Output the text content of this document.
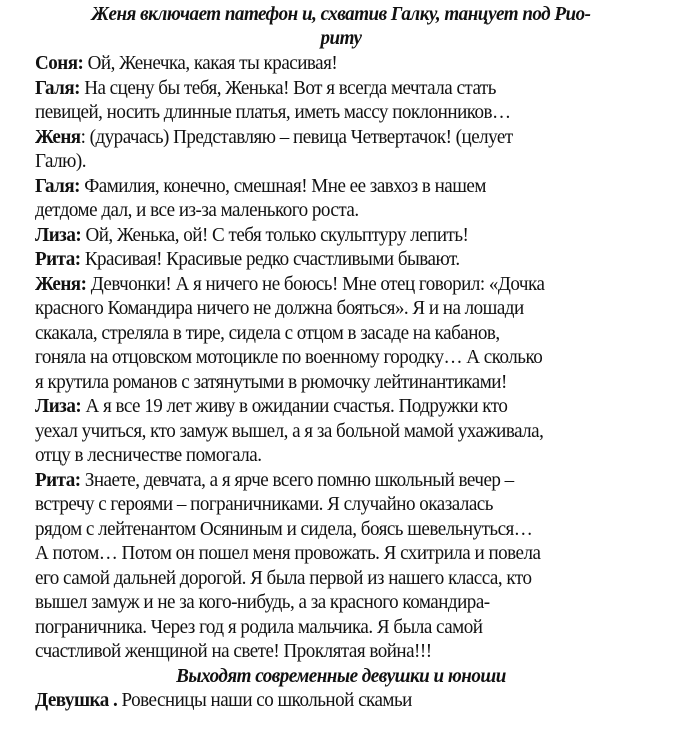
Женя включает патефон и, схватив Галку, танцует под Рио-
риту
Соня: Ой, Женечка, какая ты красивая!
Галя: На сцену бы тебя, Женька! Вот я всегда мечтала стать
певицей, носить длинные платья, иметь массу поклонников…
Женя: (дурачась) Представляю – певица Четвертачок! (целует
Галю).
Галя: Фамилия, конечно, смешная! Мне ее завхоз в нашем
детдоме дал, и все из-за маленького роста.
Лиза: Ой, Женька, ой! С тебя только скульптуру лепить!
Рита: Красивая! Красивые редко счастливыми бывают.
Женя: Девчонки! А я ничего не боюсь! Мне отец говорил: «Дочка
красного Командира ничего не должна бояться». Я и на лошади
скакала, стреляла в тире, сидела с отцом в засаде на кабанов,
гоняла на отцовском мотоцикле по военному городку… А сколько
я крутила романов с затянутыми в рюмочку лейтинантиками!
Лиза: А я все 19 лет живу в ожидании счастья. Подружки кто
уехал учиться, кто замуж вышел, а я за больной мамой ухаживала,
отцу в лесничестве помогала.
Рита: Знаете, девчата, а я ярче всего помню школьный вечер –
встречу с героями – пограничниками. Я случайно оказалась
рядом с лейтенантом Осяниным и сидела, боясь шевельнуться…
А потом… Потом он пошел меня провожать. Я схитрила и повела
его самой дальней дорогой. Я была первой из нашего класса, кто
вышел замуж и не за кого-нибудь, а за красного командира-
пограничника. Через год я родила мальчика. Я была самой
счастливой женщиной на свете! Проклятая война!!!
Выходят современные девушки и юноши
Девушка . Ровесницы наши со школьной скамьи
